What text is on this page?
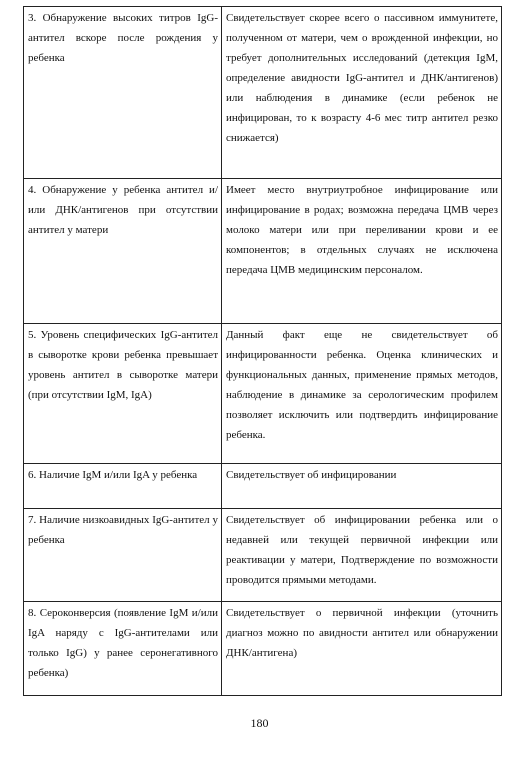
3. Обнаружение высоких титров IgG-антител вскоре после рождения у ребенка	Свидетельствует скорее всего о пассивном иммунитете, полученном от матери, чем о врожденной инфекции, но требует дополнительных исследований (детекция IgM, определение авидности IgG-антител и ДНК/антигенов) или наблюдения в динамике (если ребенок не инфицирован, то к возрасту 4-6 мес титр антител резко снижается)
4. Обнаружение у ребенка антител и/или ДНК/антигенов при отсутствии антител у матери	Имеет место внутриутробное инфицирование или инфицирование в родах; возможна передача ЦМВ через молоко матери или при переливании крови и ее компонентов; в отдельных случаях не исключена передача ЦМВ медицинским персоналом.
5. Уровень специфических IgG-антител в сыворотке крови ребенка превышает уровень антител в сыворотке матери (при отсутствии IgM, IgA)	Данный факт еще не свидетельствует об инфицированности ребенка. Оценка клинических и функциональных данных, применение прямых методов, наблюдение в динамике за серологическим профилем позволяет исключить или подтвердить инфицирование ребенка.
6. Наличие IgM и/или IgA у ребенка	Свидетельствует об инфицировании
7. Наличие низкоавидных IgG-антител у ребенка	Свидетельствует об инфицировании ребенка или о недавней или текущей первичной инфекции или реактивации у матери, Подтверждение по возможности проводится прямыми методами.
8. Сероконверсия (появление IgM и/или IgA наряду с IgG-антителами или только IgG) у ранее серонегативного ребенка)	Свидетельствует о первичной инфекции (уточнить диагноз можно по авидности антител или обнаружении ДНК/антигена)
180
